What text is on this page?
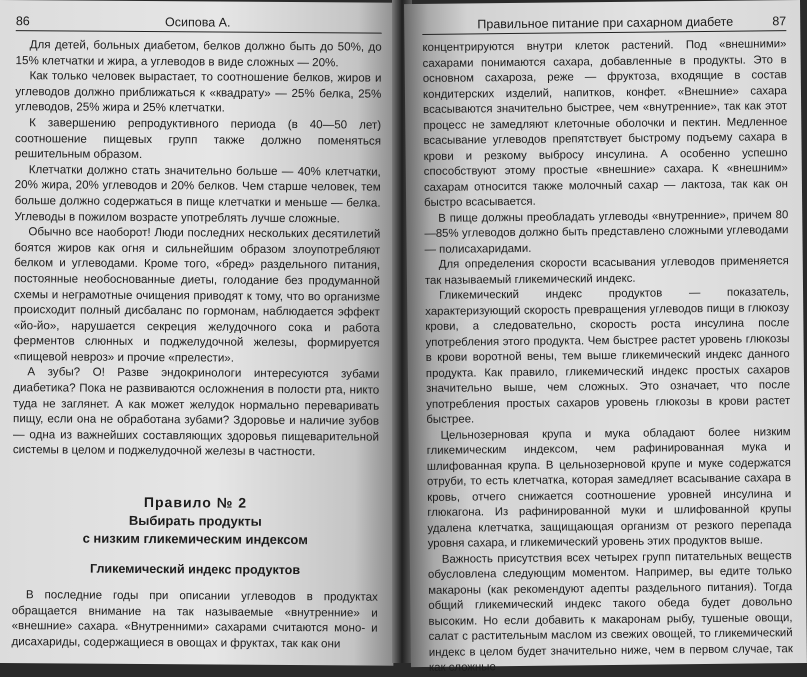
86	Осипова А.

Для детей, больных диабетом, белков должно быть до 50%, до 15% клетчатки и жира, а углеводов в виде сложных — 20%.

Как только человек вырастает, то соотношение белков, жиров и углеводов должно приближаться к «квадрату» — 25% белка, 25% углеводов, 25% жира и 25% клетчатки.

К завершению репродуктивного периода (в 40—50 лет) соотношение пищевых групп также должно поменяться решительным образом.

Клетчатки должно стать значительно больше — 40% клетчатки, 20% жира, 20% углеводов и 20% белков. Чем старше человек, тем больше должно содержаться в пище клетчатки и меньше — белка. Углеводы в пожилом возрасте употреблять лучше сложные.

Обычно все наоборот! Люди последних нескольких десятилетий боятся жиров как огня и сильнейшим образом злоупотребляют белком и углеводами. Кроме того, «бред» раздельного питания, постоянные необоснованные диеты, голодание без продуманной схемы и неграмотные очищения приводят к тому, что во организме происходит полный дисбаланс по гормонам, наблюдается эффект «йо-йо», нарушается секреция желудочного сока и работа ферментов слюнных и поджелудочной железы, формируется «пищевой невроз» и прочие «прелести».

А зубы? О! Разве эндокринологи интересуются зубами диабетика? Пока не развиваются осложнения в полости рта, никто туда не заглянет. А как может желудок нормально переваривать пищу, если она не обработана зубами? Здоровье и наличие зубов — одна из важнейших составляющих здоровья пищеварительной системы в целом и поджелудочной железы в частности.

Правило № 2
Выбирать продукты
с низким гликемическим индексом
Гликемический индекс продуктов

В последние годы при описании углеводов в продуктах обращается внимание на так называемые «внутренние» и «внешние» сахара. «Внутренними» сахарами считаются моно- и дисахариды, содержащиеся в овощах и фруктах, так как они

Правильное питание при сахарном диабете	87

концентрируются внутри клеток растений. Под «внешними» сахарами понимаются сахара, добавленные в продукты. Это в основном сахароза, реже — фруктоза, входящие в состав кондитерских изделий, напитков, конфет. «Внешние» сахара всасываются значительно быстрее, чем «внутренние», так как этот процесс не замедляют клеточные оболочки и пектин. Медленное всасывание углеводов препятствует быстрому подъему сахара в крови и резкому выбросу инсулина. А особенно успешно способствуют этому простые «внешние» сахара. К «внешним» сахарам относится также молочный сахар — лактоза, так как он быстро всасывается.

В пище должны преобладать углеводы «внутренние», причем 80—85% углеводов должно быть представлено сложными углеводами — полисахаридами.

Для определения скорости всасывания углеводов применяется так называемый гликемический индекс.

Гликемический индекс продуктов — показатель, характеризующий скорость превращения углеводов пищи в глюкозу крови, а следовательно, скорость роста инсулина после употребления этого продукта. Чем быстрее растет уровень глюкозы в крови воротной вены, тем выше гликемический индекс данного продукта. Как правило, гликемический индекс простых сахаров значительно выше, чем сложных. Это означает, что после употребления простых сахаров уровень глюкозы в крови растет быстрее.

Цельнозерновая крупа и мука обладают более низким гликемическим индексом, чем рафинированная мука и шлифованная крупа. В цельнозерновой крупе и муке содержатся отруби, то есть клетчатка, которая замедляет всасывание сахара в кровь, отчего снижается соотношение уровней инсулина и глюкагона. Из рафинированной муки и шлифованной крупы удалена клетчатка, защищающая организм от резкого перепада уровня сахара, и гликемический уровень этих продуктов выше.

Важность присутствия всех четырех групп питательных веществ обусловлена следующим моментом. Например, вы едите только макароны (как рекомендуют адепты раздельного питания). Тогда общий гликемический индекс такого обеда будет довольно высоким. Но если добавить к макаронам рыбу, тушеные овощи, салат с растительным маслом из свежих овощей, то гликемический индекс в целом будет значительно ниже, чем в первом случае, так как сложные
